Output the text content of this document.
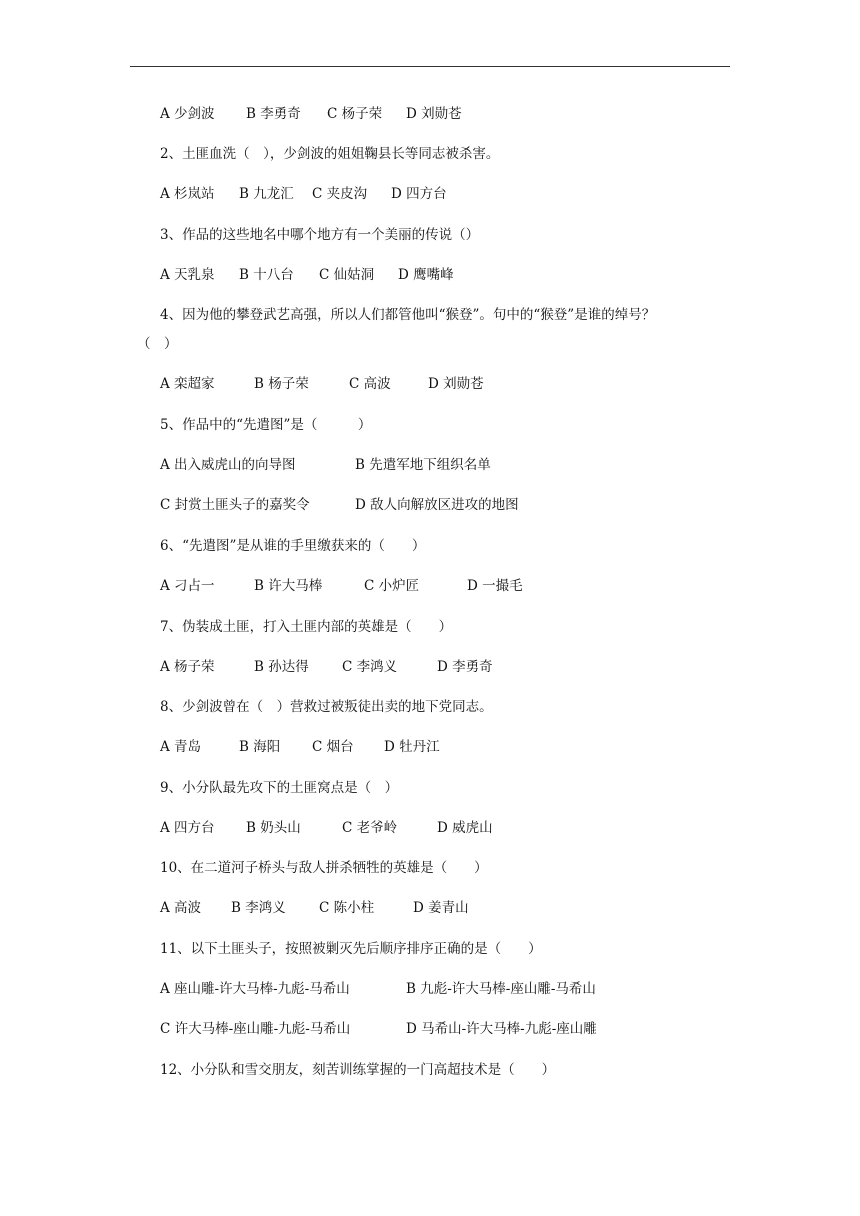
A 少剑波 B 李勇奇 C 杨子荣 D 刘勋苍
2、土匪血洗（　），少剑波的姐姐鞠县长等同志被杀害。
A 杉岚站 B 九龙汇 C 夹皮沟 D 四方台
3、作品的这些地名中哪个地方有一个美丽的传说（）
A 天乳泉 B 十八台 C 仙姑洞 D 鹰嘴峰
4、因为他的攀登武艺高强，所以人们都管他叫“猴登”。句中的“猴登”是谁的绰号？
（　）
A 栾超家	B 杨子荣	C 高波	D 刘勋苍
5、作品中的“先遣图”是（　　　）
A 出入威虎山的向导图	B 先遣军地下组织名单
C 封赏土匪头子的嘉奖令	D 敌人向解放区进攻的地图
6、“先遣图”是从谁的手里缴获来的（　　）
A 刁占一	B 许大马棒	C 小炉匠	D 一撮毛
7、伪装成土匪，打入土匪内部的英雄是（　　）
A 杨子荣	B 孙达得 C 李鸿义	D 李勇奇
8、少剑波曾在（　）营救过被叛徒出卖的地下党同志。
A 青岛	B 海阳 C 烟台 D 牡丹江
9、小分队最先攻下的土匪窝点是（　）
A 四方台 B 奶头山	C 老爷岭	D 威虎山
10、在二道河子桥头与敌人拼杀牺牲的英雄是（　　）
A 高波 B 李鸿义 C 陈小柱	D 姜青山
11、以下土匪头子，按照被剿灭先后顺序排序正确的是（　　）
A 座山雕-许大马棒-九彪-马希山	B 九彪-许大马棒-座山雕-马希山
C 许大马棒-座山雕-九彪-马希山	D 马希山-许大马棒-九彪-座山雕
12、小分队和雪交朋友，刻苦训练掌握的一门高超技术是（　　）
